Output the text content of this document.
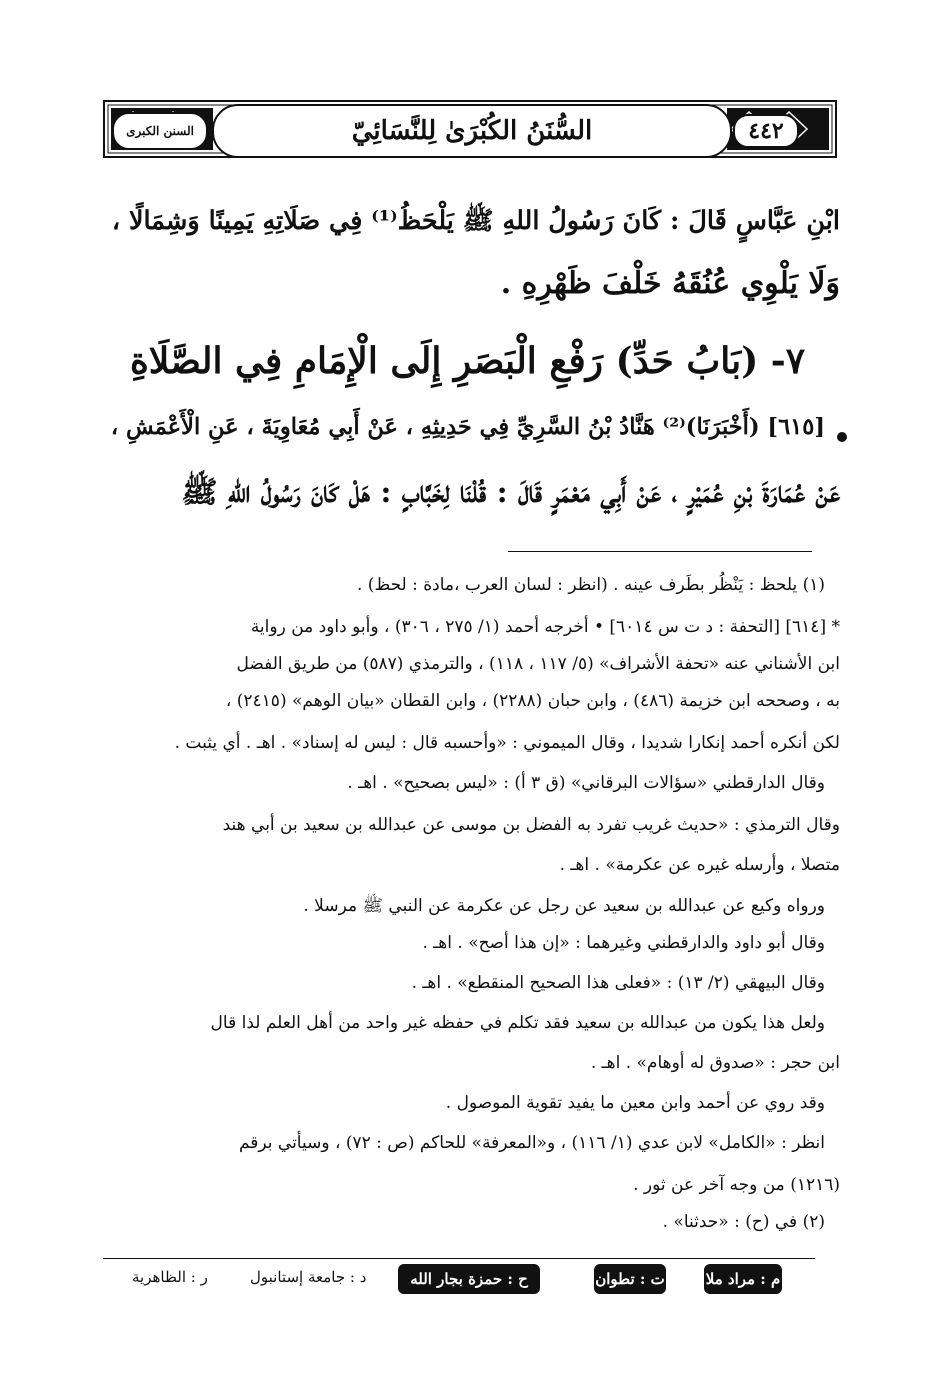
السنن الكبرى	السُّنَنُ الكُبْرَىٰ لِلنَّسَائِيّ	٤٤٢
ابْنِ عَبَّاسٍ قَالَ : كَانَ رَسُولُ اللهِ ﷺ يَلْحَظُ⁽¹⁾ فِي صَلَاتِهِ يَمِينًا وَشِمَالًا ،
وَلَا يَلْوِي عُنُقَهُ خَلْفَ ظَهْرِهِ .
٧- (بَابُ حَدِّ) رَفْعِ الْبَصَرِ إِلَى الْإِمَامِ فِي الصَّلَاةِ
[٦١٥] (أَخْبَرَنَا)⁽²⁾ هَنَّادُ بْنُ السَّرِيِّ فِي حَدِيثِهِ ، عَنْ أَبِي مُعَاوِيَةَ ، عَنِ الْأَعْمَشِ ،
عَنْ عُمَارَةَ بْنِ عُمَيْرٍ ، عَنْ أَبِي مَعْمَرٍ قَالَ : قُلْنَا لِخَبَّابٍ : هَلْ كَانَ رَسُولُ اللهِ ﷺ
(١) يلحظ : يَنْظُر بطَرف عينه . (انظر : لسان العرب ،مادة : لحظ) .
* [٦١٤] [التحفة : د ت س ٦٠١٤] • أخرجه أحمد (١/ ٢٧٥ ، ٣٠٦) ، وأبو داود من رواية
ابن الأشناني عنه «تحفة الأشراف» (٥/ ١١٧ ، ١١٨) ، والترمذي (٥٨٧) من طريق الفضل
به ، وصححه ابن خزيمة (٤٨٦) ، وابن حبان (٢٢٨٨) ، وابن القطان «بيان الوهم» (٢٤١٥) ،
لكن أنكره أحمد إنكارا شديدا ، وقال الميموني : «وأحسبه قال : ليس له إسناد» . اهـ . أي يثبت .
وقال الدارقطني «سؤالات البرقاني» (ق ٣ أ) : «ليس بصحيح» . اهـ .
وقال الترمذي : «حديث غريب تفرد به الفضل بن موسى عن عبدالله بن سعيد بن أبي هند
متصلا ، وأرسله غيره عن عكرمة» . اهـ .
ورواه وكيع عن عبدالله بن سعيد عن رجل عن عكرمة عن النبي ﷺ مرسلا .
وقال أبو داود والدارقطني وغيرهما : «إن هذا أصح» . اهـ .
وقال البيهقي (٢/ ١٣) : «فعلى هذا الصحيح المنقطع» . اهـ .
ولعل هذا يكون من عبدالله بن سعيد فقد تكلم في حفظه غير واحد من أهل العلم لذا قال
ابن حجر : «صدوق له أوهام» . اهـ .
وقد روي عن أحمد وابن معين ما يفيد تقوية الموصول .
انظر : «الكامل» لابن عدي (١/ ١١٦) ، و«المعرفة» للحاكم (ص : ٧٢) ، وسيأتي برقم
(١٢١٦) من وجه آخر عن ثور .
(٢) في (ح) : «حدثنا» .
م : مراد ملا
ت : تطوان
ح : حمزة بجار الله
د : جامعة إستانبول
ر : الظاهرية
